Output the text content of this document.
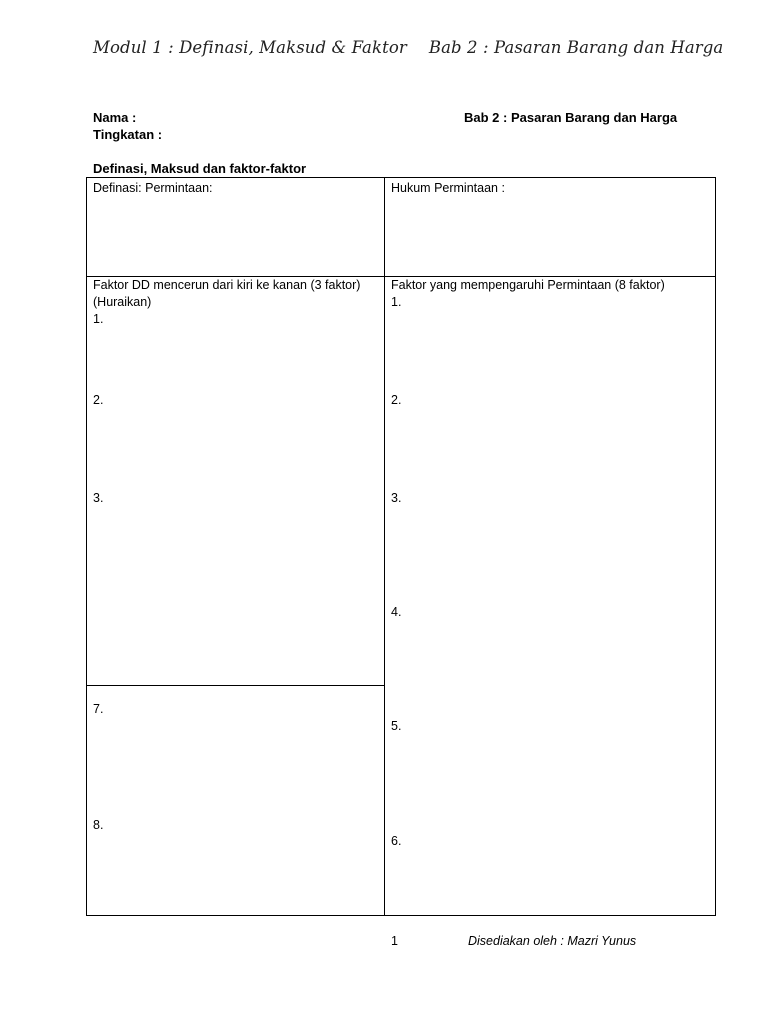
Modul 1 : Definasi, Maksud & Faktor Bab 2 : Pasaran Barang dan Harga
Nama :
Tingkatan :
Bab 2 : Pasaran Barang dan Harga
Definasi, Maksud dan faktor-faktor
Definasi: Permintaan:	Hukum Permintaan :
Faktor DD mencerun dari kiri ke kanan (3 faktor)
(Huraikan)
1.
2.
3.
7.
8.
Faktor yang mempengaruhi Permintaan (8 faktor)
1.
2.
3.
4.
5.
6.
1	Disediakan oleh : Mazri Yunus
